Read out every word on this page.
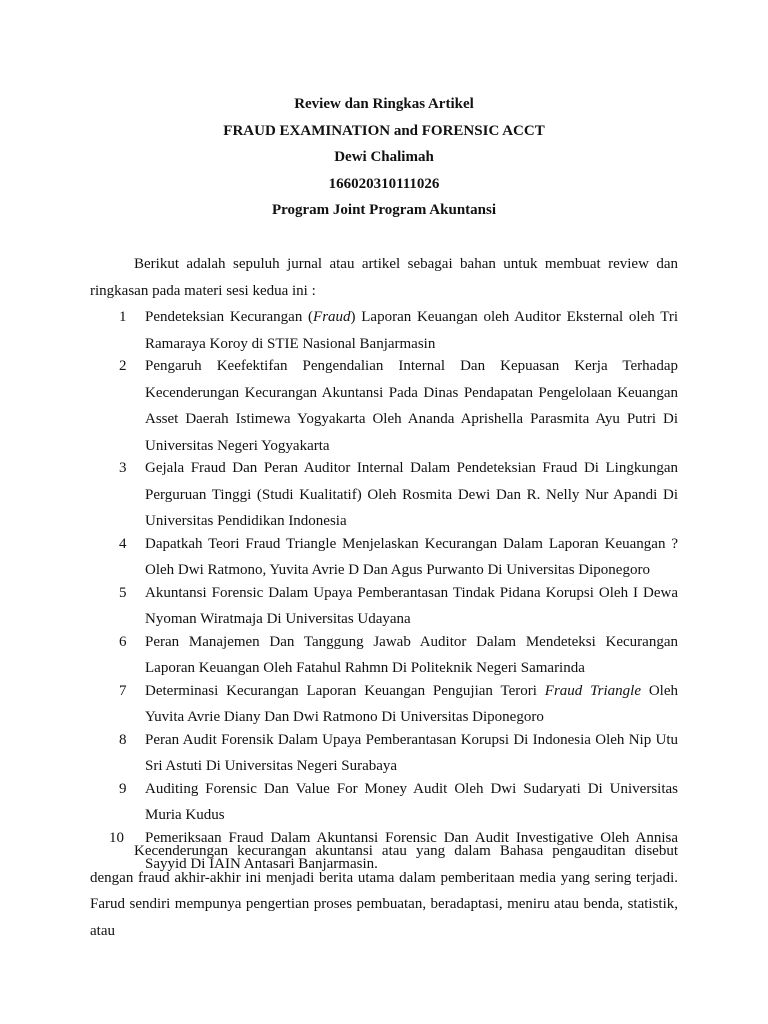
Review dan Ringkas Artikel
FRAUD EXAMINATION and FORENSIC ACCT
Dewi Chalimah
166020310111026
Program Joint Program Akuntansi

Berikut adalah sepuluh jurnal atau artikel sebagai bahan untuk membuat review dan ringkasan pada materi sesi kedua ini :

1 Pendeteksian Kecurangan (Fraud) Laporan Keuangan oleh Auditor Eksternal oleh Tri Ramaraya Koroy di STIE Nasional Banjarmasin
2 Pengaruh Keefektifan Pengendalian Internal Dan Kepuasan Kerja Terhadap Kecenderungan Kecurangan Akuntansi Pada Dinas Pendapatan Pengelolaan Keuangan Asset Daerah Istimewa Yogyakarta Oleh Ananda Aprishella Parasmita Ayu Putri Di Universitas Negeri Yogyakarta
3 Gejala Fraud Dan Peran Auditor Internal Dalam Pendeteksian Fraud Di Lingkungan Perguruan Tinggi (Studi Kualitatif) Oleh Rosmita Dewi Dan R. Nelly Nur Apandi Di Universitas Pendidikan Indonesia
4 Dapatkah Teori Fraud Triangle Menjelaskan Kecurangan Dalam Laporan Keuangan ? Oleh Dwi Ratmono, Yuvita Avrie D Dan Agus Purwanto Di Universitas Diponegoro
5 Akuntansi Forensic Dalam Upaya Pemberantasan Tindak Pidana Korupsi Oleh I Dewa Nyoman Wiratmaja Di Universitas Udayana
6 Peran Manajemen Dan Tanggung Jawab Auditor Dalam Mendeteksi Kecurangan Laporan Keuangan Oleh Fatahul Rahmn Di Politeknik Negeri Samarinda
7 Determinasi Kecurangan Laporan Keuangan Pengujian Terori Fraud Triangle Oleh Yuvita Avrie Diany Dan Dwi Ratmono Di Universitas Diponegoro
8 Peran Audit Forensik Dalam Upaya Pemberantasan Korupsi Di Indonesia Oleh Nip Utu Sri Astuti Di Universitas Negeri Surabaya
9 Auditing Forensic Dan Value For Money Audit Oleh Dwi Sudaryati Di Universitas Muria Kudus
10 Pemeriksaan Fraud Dalam Akuntansi Forensic Dan Audit Investigative Oleh Annisa Sayyid Di IAIN Antasari Banjarmasin.

Kecenderungan kecurangan akuntansi atau yang dalam Bahasa pengauditan disebut dengan fraud akhir-akhir ini menjadi berita utama dalam pemberitaan media yang sering terjadi. Farud sendiri mempunya pengertian proses pembuatan, beradaptasi, meniru atau benda, statistik, atau
